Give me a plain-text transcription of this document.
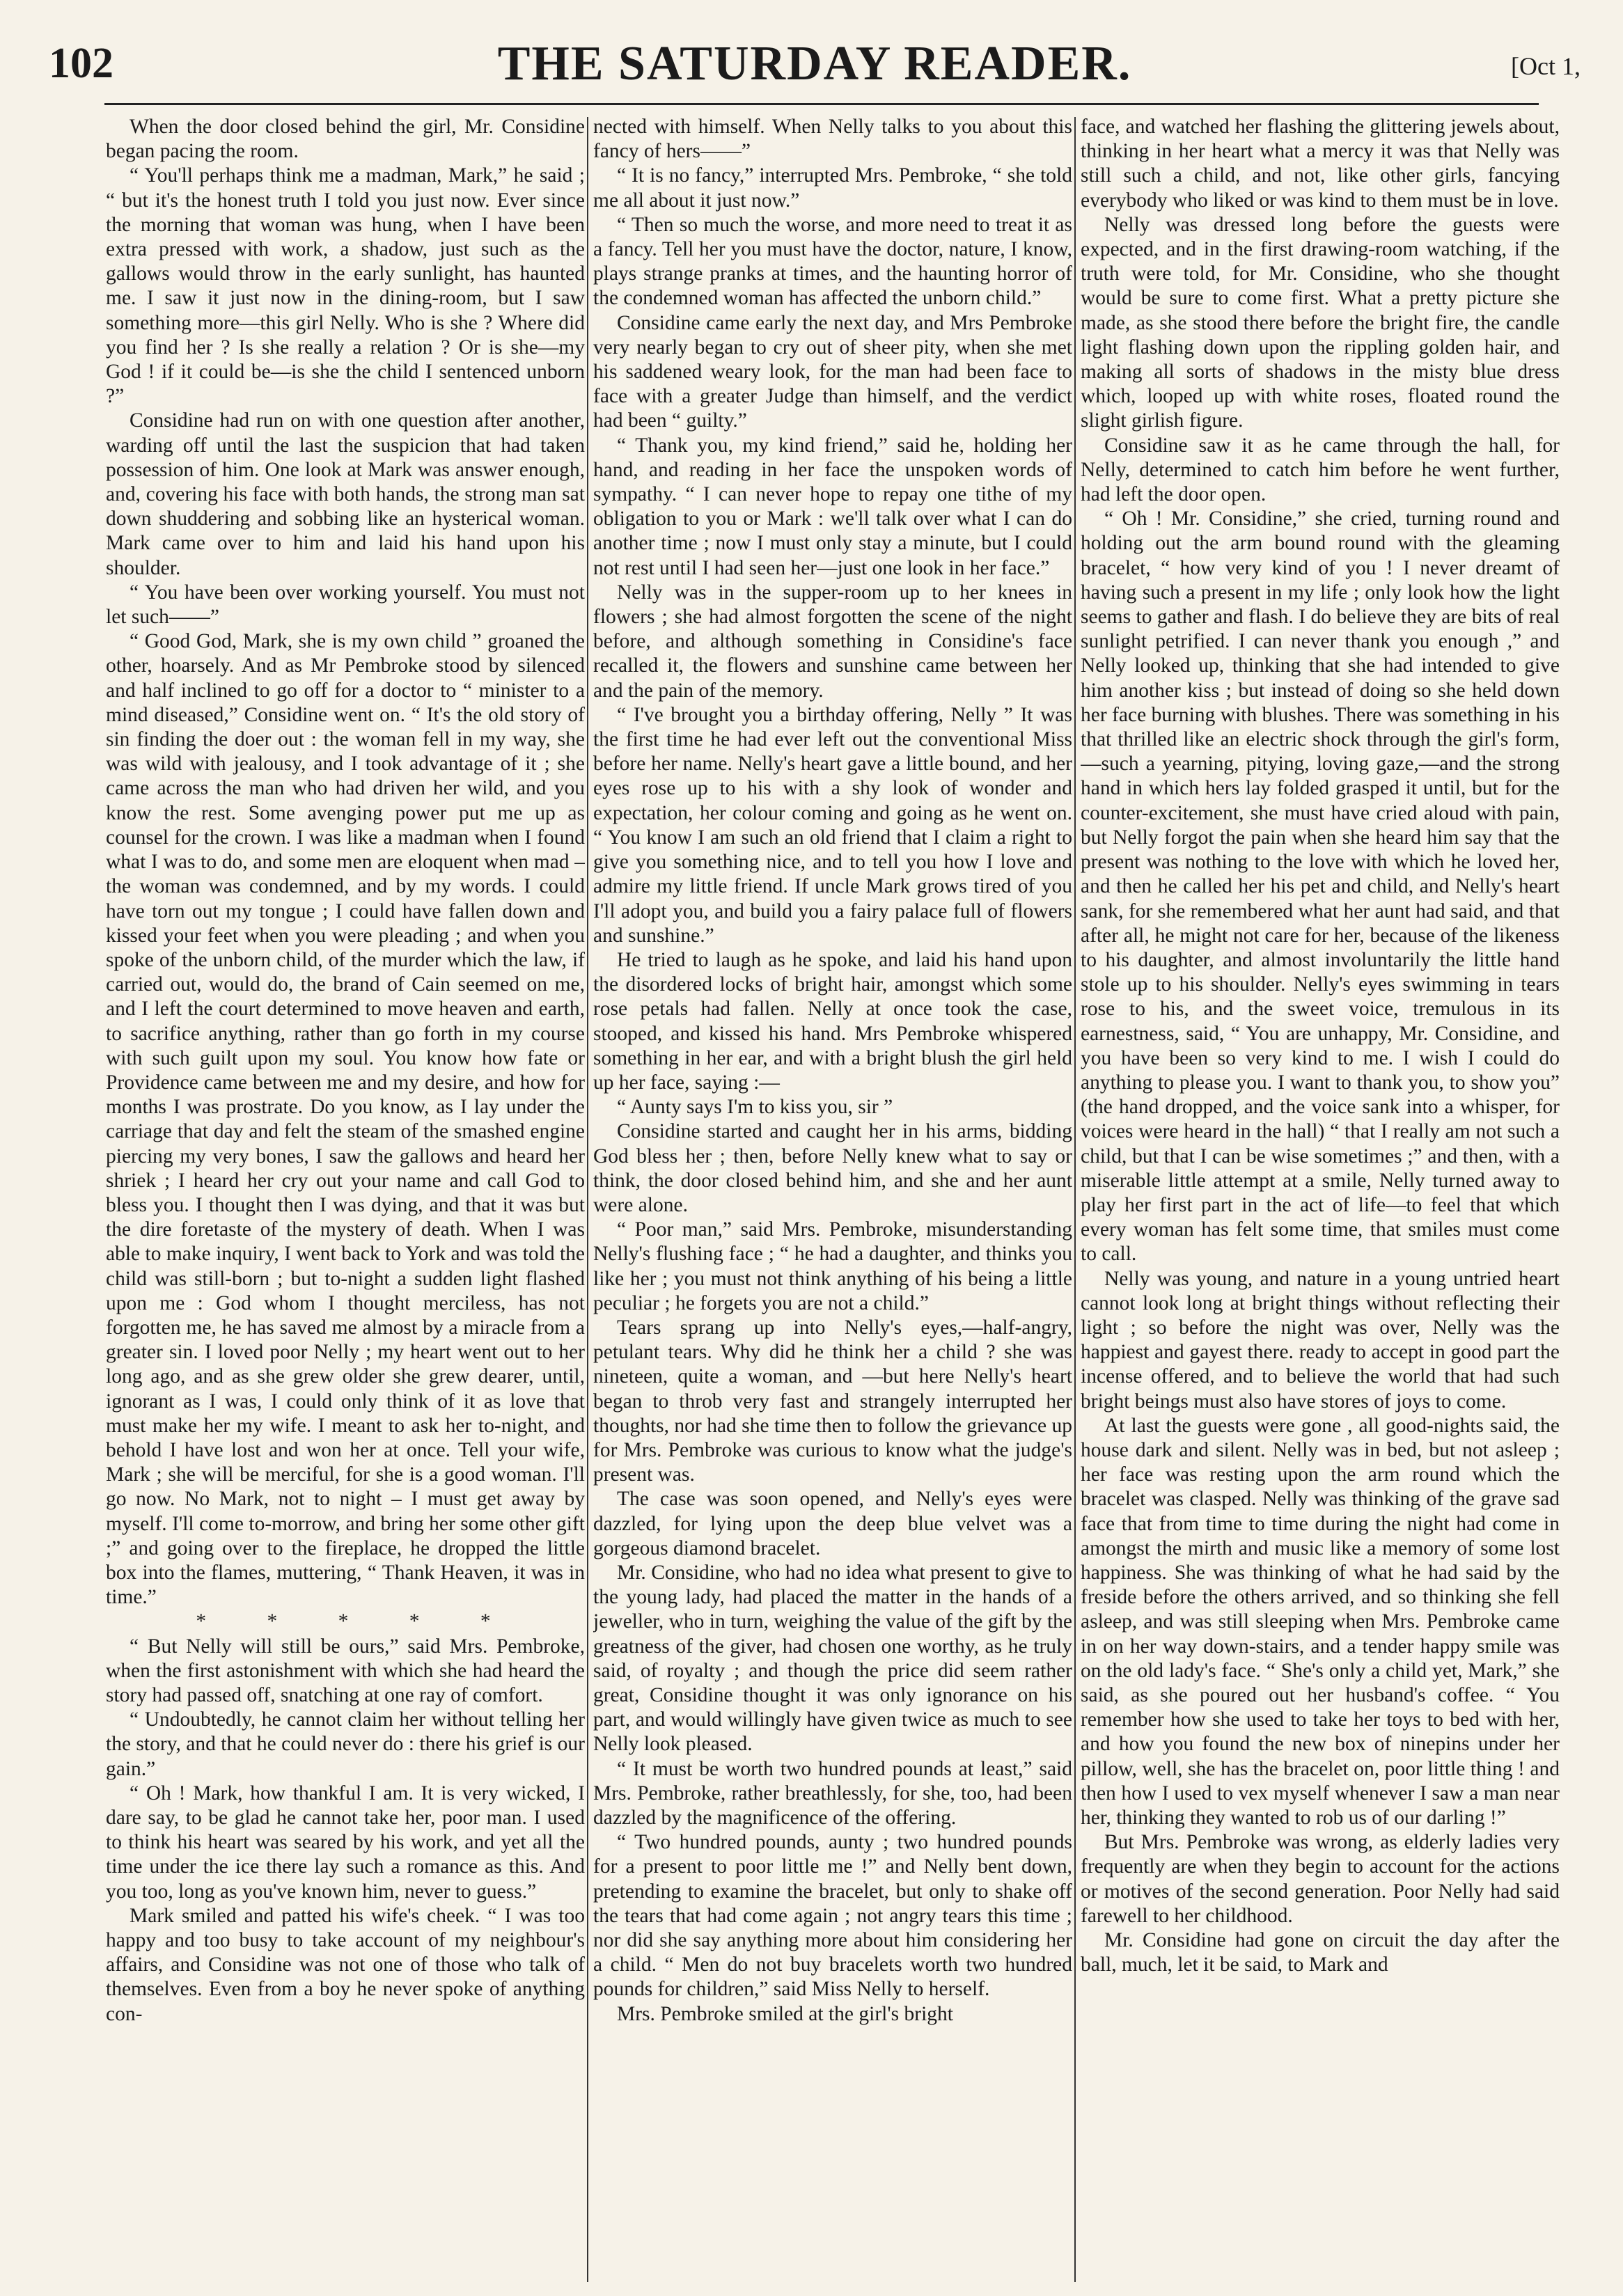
102	THE SATURDAY READER.	[Oct 1,

When the door closed behind the girl, Mr. Considine began pacing the room.

“ You'll perhaps think me a madman, Mark,” he said ; “ but it's the honest truth I told you just now. Ever since the morning that woman was hung, when I have been extra pressed with work, a shadow, just such as the gallows would throw in the early sunlight, has haunted me. I saw it just now in the dining-room, but I saw something more—this girl Nelly. Who is she ? Where did you find her ? Is she really a relation ? Or is she—my God ! if it could be—is she the child I sentenced unborn ?”

Considine had run on with one question after another, warding off until the last the suspicion that had taken possession of him. One look at Mark was answer enough, and, covering his face with both hands, the strong man sat down shuddering and sobbing like an hysterical woman. Mark came over to him and laid his hand upon his shoulder.

“ You have been over working yourself. You must not let such——”

“ Good God, Mark, she is my own child ” groaned the other, hoarsely. And as Mr Pembroke stood by silenced and half inclined to go off for a doctor to “ minister to a mind diseased,” Considine went on. “ It's the old story of sin finding the doer out : the woman fell in my way, she was wild with jealousy, and I took advantage of it ; she came across the man who had driven her wild, and you know the rest. Some avenging power put me up as counsel for the crown. I was like a madman when I found what I was to do, and some men are eloquent when mad – the woman was condemned, and by my words. I could have torn out my tongue ; I could have fallen down and kissed your feet when you were pleading ; and when you spoke of the unborn child, of the murder which the law, if carried out, would do, the brand of Cain seemed on me, and I left the court determined to move heaven and earth, to sacrifice anything, rather than go forth in my course with such guilt upon my soul. You know how fate or Providence came between me and my desire, and how for months I was prostrate. Do you know, as I lay under the carriage that day and felt the steam of the smashed engine piercing my very bones, I saw the gallows and heard her shriek ; I heard her cry out your name and call God to bless you. I thought then I was dying, and that it was but the dire foretaste of the mystery of death. When I was able to make inquiry, I went back to York and was told the child was still-born ; but to-night a sudden light flashed upon me : God whom I thought merciless, has not forgotten me, he has saved me almost by a miracle from a greater sin. I loved poor Nelly ; my heart went out to her long ago, and as she grew older she grew dearer, until, ignorant as I was, I could only think of it as love that must make her my wife. I meant to ask her to-night, and behold I have lost and won her at once. Tell your wife, Mark ; she will be merciful, for she is a good woman. I'll go now. No Mark, not to night – I must get away by myself. I'll come to-morrow, and bring her some other gift ;” and going over to the fireplace, he dropped the little box into the flames, muttering, “ Thank Heaven, it was in time.”

* * * * *

“ But Nelly will still be ours,” said Mrs. Pembroke, when the first astonishment with which she had heard the story had passed off, snatching at one ray of comfort.

“ Undoubtedly, he cannot claim her without telling her the story, and that he could never do : there his grief is our gain.”

“ Oh ! Mark, how thankful I am. It is very wicked, I dare say, to be glad he cannot take her, poor man. I used to think his heart was seared by his work, and yet all the time under the ice there lay such a romance as this. And you too, long as you've known him, never to guess.”

Mark smiled and patted his wife's cheek. “ I was too happy and too busy to take account of my neighbour's affairs, and Considine was not one of those who talk of themselves. Even from a boy he never spoke of anything con-

nected with himself. When Nelly talks to you about this fancy of hers——”

“ It is no fancy,” interrupted Mrs. Pembroke, “ she told me all about it just now.”

“ Then so much the worse, and more need to treat it as a fancy. Tell her you must have the doctor, nature, I know, plays strange pranks at times, and the haunting horror of the condemned woman has affected the unborn child.”

Considine came early the next day, and Mrs Pembroke very nearly began to cry out of sheer pity, when she met his saddened weary look, for the man had been face to face with a greater Judge than himself, and the verdict had been “ guilty.”

“ Thank you, my kind friend,” said he, holding her hand, and reading in her face the unspoken words of sympathy. “ I can never hope to repay one tithe of my obligation to you or Mark : we'll talk over what I can do another time ; now I must only stay a minute, but I could not rest until I had seen her—just one look in her face.”

Nelly was in the supper-room up to her knees in flowers ; she had almost forgotten the scene of the night before, and although something in Considine's face recalled it, the flowers and sunshine came between her and the pain of the memory.

“ I've brought you a birthday offering, Nelly ” It was the first time he had ever left out the conventional Miss before her name. Nelly's heart gave a little bound, and her eyes rose up to his with a shy look of wonder and expectation, her colour coming and going as he went on. “ You know I am such an old friend that I claim a right to give you something nice, and to tell you how I love and admire my little friend. If uncle Mark grows tired of you I'll adopt you, and build you a fairy palace full of flowers and sunshine.”

He tried to laugh as he spoke, and laid his hand upon the disordered locks of bright hair, amongst which some rose petals had fallen. Nelly at once took the case, stooped, and kissed his hand. Mrs Pembroke whispered something in her ear, and with a bright blush the girl held up her face, saying :—

“ Aunty says I'm to kiss you, sir ”

Considine started and caught her in his arms, bidding God bless her ; then, before Nelly knew what to say or think, the door closed behind him, and she and her aunt were alone.

“ Poor man,” said Mrs. Pembroke, misunderstanding Nelly's flushing face ; “ he had a daughter, and thinks you like her ; you must not think anything of his being a little peculiar ; he forgets you are not a child.”

Tears sprang up into Nelly's eyes,—half-angry, petulant tears. Why did he think her a child ? she was nineteen, quite a woman, and —but here Nelly's heart began to throb very fast and strangely interrupted her thoughts, nor had she time then to follow the grievance up for Mrs. Pembroke was curious to know what the judge's present was.

The case was soon opened, and Nelly's eyes were dazzled, for lying upon the deep blue velvet was a gorgeous diamond bracelet.

Mr. Considine, who had no idea what present to give to the young lady, had placed the matter in the hands of a jeweller, who in turn, weighing the value of the gift by the greatness of the giver, had chosen one worthy, as he truly said, of royalty ; and though the price did seem rather great, Considine thought it was only ignorance on his part, and would willingly have given twice as much to see Nelly look pleased.

“ It must be worth two hundred pounds at least,” said Mrs. Pembroke, rather breathlessly, for she, too, had been dazzled by the magnificence of the offering.

“ Two hundred pounds, aunty ; two hundred pounds for a present to poor little me !” and Nelly bent down, pretending to examine the bracelet, but only to shake off the tears that had come again ; not angry tears this time ; nor did she say anything more about him considering her a child. “ Men do not buy bracelets worth two hundred pounds for children,” said Miss Nelly to herself.

Mrs. Pembroke smiled at the girl's bright

face, and watched her flashing the glittering jewels about, thinking in her heart what a mercy it was that Nelly was still such a child, and not, like other girls, fancying everybody who liked or was kind to them must be in love.

Nelly was dressed long before the guests were expected, and in the first drawing-room watching, if the truth were told, for Mr. Considine, who she thought would be sure to come first. What a pretty picture she made, as she stood there before the bright fire, the candle light flashing down upon the rippling golden hair, and making all sorts of shadows in the misty blue dress which, looped up with white roses, floated round the slight girlish figure.

Considine saw it as he came through the hall, for Nelly, determined to catch him before he went further, had left the door open.

“ Oh ! Mr. Considine,” she cried, turning round and holding out the arm bound round with the gleaming bracelet, “ how very kind of you ! I never dreamt of having such a present in my life ; only look how the light seems to gather and flash. I do believe they are bits of real sunlight petrified. I can never thank you enough ,” and Nelly looked up, thinking that she had intended to give him another kiss ; but instead of doing so she held down her face burning with blushes. There was something in his that thrilled like an electric shock through the girl's form,—such a yearning, pitying, loving gaze,—and the strong hand in which hers lay folded grasped it until, but for the counter-excitement, she must have cried aloud with pain, but Nelly forgot the pain when she heard him say that the present was nothing to the love with which he loved her, and then he called her his pet and child, and Nelly's heart sank, for she remembered what her aunt had said, and that after all, he might not care for her, because of the likeness to his daughter, and almost involuntarily the little hand stole up to his shoulder. Nelly's eyes swimming in tears rose to his, and the sweet voice, tremulous in its earnestness, said, “ You are unhappy, Mr. Considine, and you have been so very kind to me. I wish I could do anything to please you. I want to thank you, to show you” (the hand dropped, and the voice sank into a whisper, for voices were heard in the hall) “ that I really am not such a child, but that I can be wise sometimes ;” and then, with a miserable little attempt at a smile, Nelly turned away to play her first part in the act of life—to feel that which every woman has felt some time, that smiles must come to call.

Nelly was young, and nature in a young untried heart cannot look long at bright things without reflecting their light ; so before the night was over, Nelly was the happiest and gayest there. ready to accept in good part the incense offered, and to believe the world that had such bright beings must also have stores of joys to come.

At last the guests were gone , all good-nights said, the house dark and silent. Nelly was in bed, but not asleep ; her face was resting upon the arm round which the bracelet was clasped. Nelly was thinking of the grave sad face that from time to time during the night had come in amongst the mirth and music like a memory of some lost happiness. She was thinking of what he had said by the freside before the others arrived, and so thinking she fell asleep, and was still sleeping when Mrs. Pembroke came in on her way down-stairs, and a tender happy smile was on the old lady's face. “ She's only a child yet, Mark,” she said, as she poured out her husband's coffee. “ You remember how she used to take her toys to bed with her, and how you found the new box of ninepins under her pillow, well, she has the bracelet on, poor little thing ! and then how I used to vex myself whenever I saw a man near her, thinking they wanted to rob us of our darling !”

But Mrs. Pembroke was wrong, as elderly ladies very frequently are when they begin to account for the actions or motives of the second generation. Poor Nelly had said farewell to her childhood.

Mr. Considine had gone on circuit the day after the ball, much, let it be said, to Mark and
